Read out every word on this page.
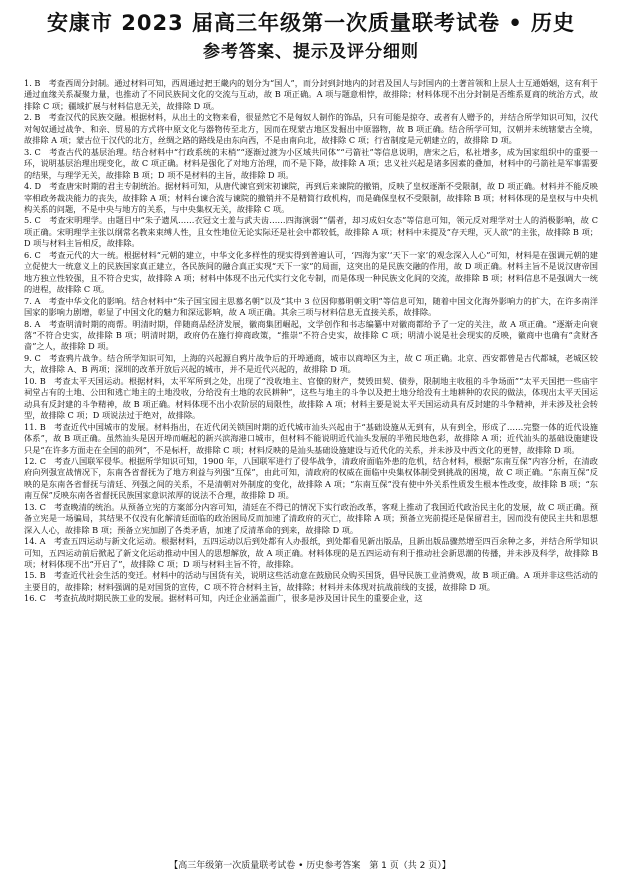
安康市 2023 届高三年级第一次质量联考试卷 • 历史
参考答案、提示及评分细则

1. B　考查西周分封制。通过材料可知，西周通过把王畿内的划分为“国人”，而分封到封地内的封君及国人与封国内的土著首领和上层人士互通婚姻，这有利于通过血缘关系凝聚力量，也推动了不同民族间文化的交流与互动，故 B 项正确。A 项与题意相悖，故排除；材料体现不出分封制是否维系夏商的统治方式，故排除 C 项；疆域扩展与材料信息无关，故排除 D 项。

2. B　考查汉代的民族交融。根据材料，从出土的文物来看，很显然它不是匈奴人制作的饰品，只有可能是掠夺、或者有人赠予的，并结合所学知识可知，汉代对匈奴通过战争、和亲、贸易的方式将中原文化与器物传至北方，因而在现蒙古地区发掘出中原器物，故 B 项正确。结合所学可知，汉朝并未统辖蒙古全境，故排除 A 项；蒙古位于汉代的北方，丝绸之路的路线是由东向西，不是由南向北，故排除 C 项；行省制度是元朝建立的，故排除 D 项。

3. C　考查古代的基层治理。结合材料中“行政系统的末梢”“逐渐过渡为小区域共同体”“弓箭社”等信息说明，唐宋之后，私社增多，成为国家组织中的重要一环，说明基层治理出现变化，故 C 项正确。材料是强化了对地方治理，而不是下降，故排除 A 项；忠义社兴起是诸多因素的叠加，材料中的弓箭社是军事需要的结果，与理学无关，故排除 B 项；D 项不是材料的主旨，故排除 D 项。

4. D　考查唐宋时期的君主专制统治。据材料可知，从唐代谏官到宋初谏院，再到后来谏院的撤销，反映了皇权逐渐不受限制，故 D 项正确。材料并不能反映宰相政务裁决能力的丧失，故排除 A 项；材料台谏合流与谏院的撤销并不是精简行政机构，而是确保皇权不受限制，故排除 B 项；材料体现的是皇权与中央机构关系的问题，不是中央与地方的关系，与中央集权无关，故排除 C 项。

5. C　考查宋明理学。由题目中“朱子遗风……衣冠文士羞与武夫齿……四海演弱”“儒者，却习成妇女态”等信息可知，领元反对理学对士人的消极影响，故 C 项正确。宋明理学主张以纲常名教来束缚人性，且女性地位无论实际还是社会中都较低，故排除 A 项；材料中未提及“存天理，灭人欲”的主张，故排除 B 项；D 项与材料主旨相反，故排除。

6. C　考查元代的大一统。根据材料“元朝的建立，中华文化多样性的现实得到普遍认可，‘四海为家’‘天下一家’的观念深入人心”可知，材料是在强调元朝的建立促使大一统意义上的民族国家真正建立，各民族间的融合真正实现“天下一家”的局面，这突出的是民族交融的作用，故 D 项正确。材料主旨不是说汉唐帝国地方独立性较强，且不符合史实，故排除 A 项；材料中体现不出元代实行文化专制，而是体现一种民族文化间的交流，故排除 B 项；材料信息不是强调大一统的进程，故排除 C 项。

7. A　考查中华文化的影响。结合材料中“朱子国宝园主思慕名朝”以及“其中 3 位因仰慕明朝文明”等信息可知，随着中国文化海外影响力的扩大，在许多南洋国家的影响力剧增，彰显了中国文化的魅力和深远影响，故 A 项正确。其余三项与材料信息无直接关系，故排除。

8. A　考查明清时期的商帮。明清时期，伴随商品经济发展，徽商集团崛起，文学创作和书志编纂中对徽商都给予了一定的关注，故 A 项正确。“逐渐走向衰落”不符合史实，故排除 B 项；明清时期，政府仍在施行抑商政策，“推崇”不符合史实，故排除 C 项；明清小说是社会现实的反映，徽商中也确有“贪财吝啬”之人，故排除 D 项。

9. C　考查鸦片战争。结合所学知识可知，上海的兴起源自鸦片战争后的开埠通商，城市以商埠区为主，故 C 项正确。北京、西安都曾是古代都城，老城区较大，故排除 A、B 两项；深圳的改革开放后兴起的城市，并不是近代兴起的，故排除 D 项。

10. B　考查太平天国运动。根据材料，太平军所到之处，出现了“没收地主、官僚的财产，焚毁田契、债券，限制地主收租的斗争场面”“太平天国把一些庙宇祠堂占有的土地、公田和逃亡地主的土地没收，分给没有土地的农民耕种”，这些与地主的斗争以及把土地分给没有土地耕种的农民的做法，体现出太平天国运动具有反封建的斗争精神，故 B 项正确。材料体现不出小农阶层的局限性，故排除 A 项；材料主要是说太平天国运动具有反封建的斗争精神，并未涉及社会转型，故排除 C 项；D 项说法过于绝对，故排除。

11. B　考查近代中国城市的发展。材料指出，在近代闭关锁国时期的近代城市汕头兴起由于“基础设施从无到有，从有到全，形成了……完整一体的近代设施体系”，故 B 项正确。虽然汕头是因开埠而崛起的新兴滨海港口城市，但材料不能说明近代汕头发展的半殖民地色彩，故排除 A 项；近代汕头的基础设施建设只是“在许多方面走在全国的前列”，不是标杆，故排除 C 项；材料反映的是汕头基础设施建设与近代化的关系，并未涉及中西文化的更替，故排除 D 项。

12. C　考查八国联军侵华。根据所学知识可知，1900 年，八国联军进行了侵华战争，清政府面临外患的危机，结合材料，根据“东南互保”内容分析，在清政府向列强宣战情况下，东南各省督抚为了地方利益与列强“互保”，由此可知，清政府的权威在面临中央集权体制受到挑战的困境，故 C 项正确。“东南互保”反映的是东南各省督抚与清廷、列强之间的关系，不是清朝对外制度的变化，故排除 A 项；“东南互保”没有使中外关系性质发生根本性改变，故排除 B 项；“东南互保”反映东南各省督抚民族国家意识浓厚的说法不合理，故排除 D 项。

13. C　考查晚清的统治。从预备立宪的方案部分内容可知，清廷在不得已的情况下实行政治改革，客观上推动了我国近代政治民主化的发展，故 C 项正确。预备立宪是一场骗局，其结果不仅没有化解清廷面临的政治困局反而加速了清政府的灭亡，故排除 A 项；预备立宪前提还是保留君主，因而没有使民主共和思想深入人心，故排除 B 项；预备立宪加剧了各类矛盾，加速了反清革命的到来，故排除 D 项。

14. A　考查五四运动与新文化运动。根据材料，五四运动以后到处都有人办报纸，到处都看见新出版品，且新出版品骤然增至四百余种之多，并结合所学知识可知，五四运动前后掀起了新文化运动推动中国人的思想解放，故 A 项正确。材料体现的是五四运动有利于推动社会新思潮的传播，并未涉及科学，故排除 B 项；材料体现不出“开启了”，故排除 C 项；D 项与材料主旨不符，故排除。

15. B　考查近代社会生活的变迁。材料中的活动与国货有关，说明这些活动意在鼓励民众购买国货，倡导民族工业消费观，故 B 项正确。A 项并非这些活动的主要目的，故排除；材料强调的是对国货的宣传，C 项不符合材料主旨，故排除；材料并未体现对抗战前线的支援，故排除 D 项。

16. C　考查抗战时期民族工业的发展。据材料可知，内迁企业涵盖面广，很多是涉及国计民生的重要企业，这

【高三年级第一次质量联考试卷 • 历史参考答案　第 1 页（共 2 页）】
